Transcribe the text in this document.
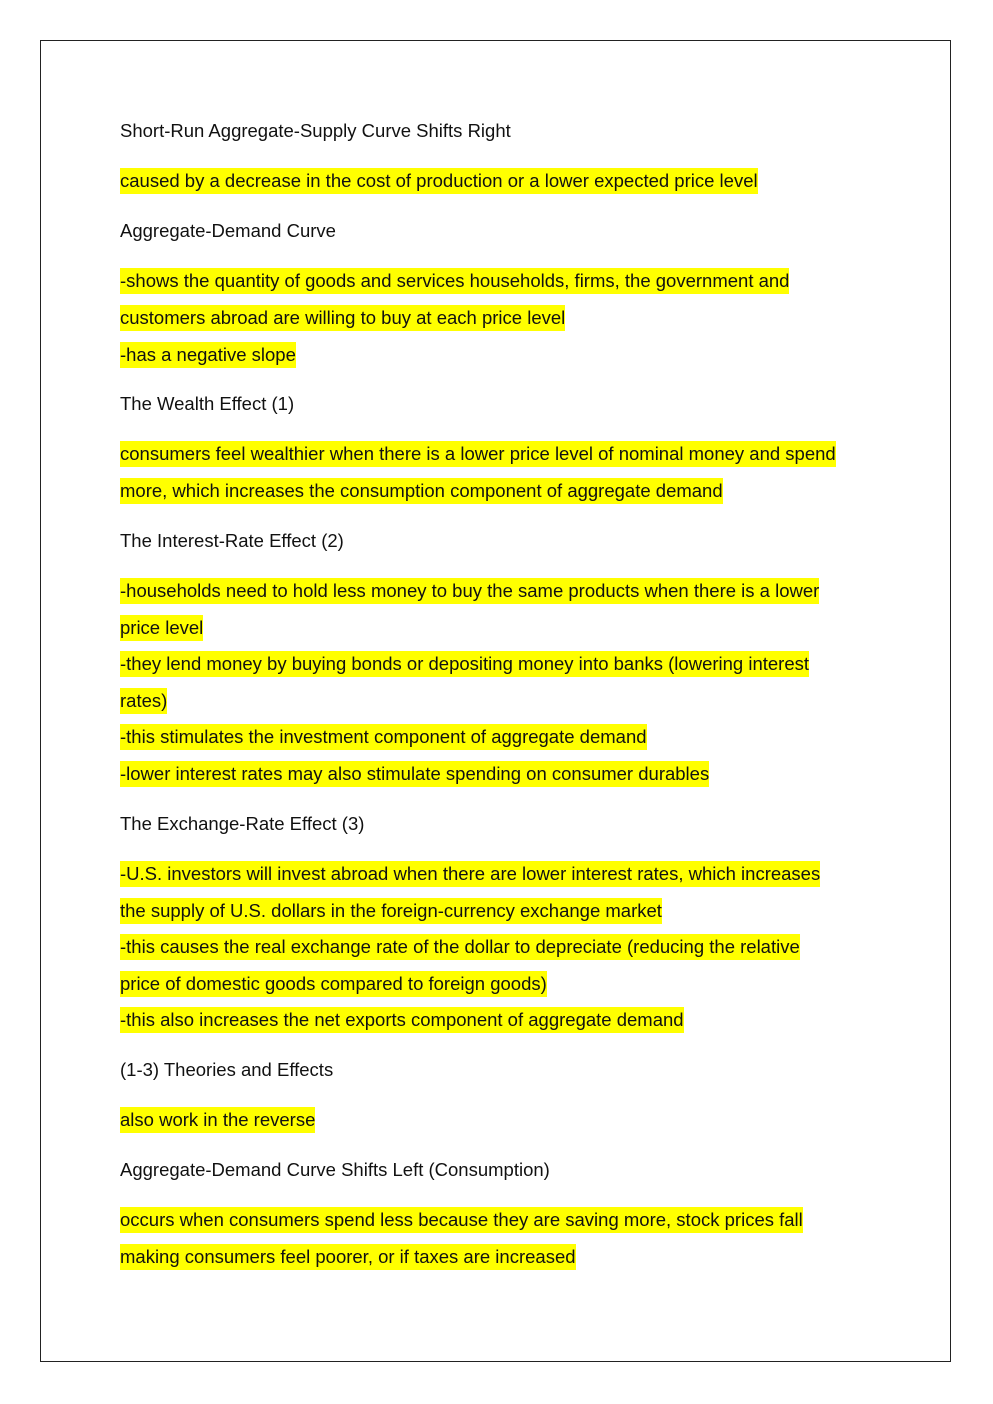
Short-Run Aggregate-Supply Curve Shifts Right
caused by a decrease in the cost of production or a lower expected price level
Aggregate-Demand Curve
-shows the quantity of goods and services households, firms, the government and
customers abroad are willing to buy at each price level
-has a negative slope
The Wealth Effect (1)
consumers feel wealthier when there is a lower price level of nominal money and spend
more, which increases the consumption component of aggregate demand
The Interest-Rate Effect (2)
-households need to hold less money to buy the same products when there is a lower
price level
-they lend money by buying bonds or depositing money into banks (lowering interest
rates)
-this stimulates the investment component of aggregate demand
-lower interest rates may also stimulate spending on consumer durables
The Exchange-Rate Effect (3)
-U.S. investors will invest abroad when there are lower interest rates, which increases
the supply of U.S. dollars in the foreign-currency exchange market
-this causes the real exchange rate of the dollar to depreciate (reducing the relative
price of domestic goods compared to foreign goods)
-this also increases the net exports component of aggregate demand
(1-3) Theories and Effects
also work in the reverse
Aggregate-Demand Curve Shifts Left (Consumption)
occurs when consumers spend less because they are saving more, stock prices fall
making consumers feel poorer, or if taxes are increased
